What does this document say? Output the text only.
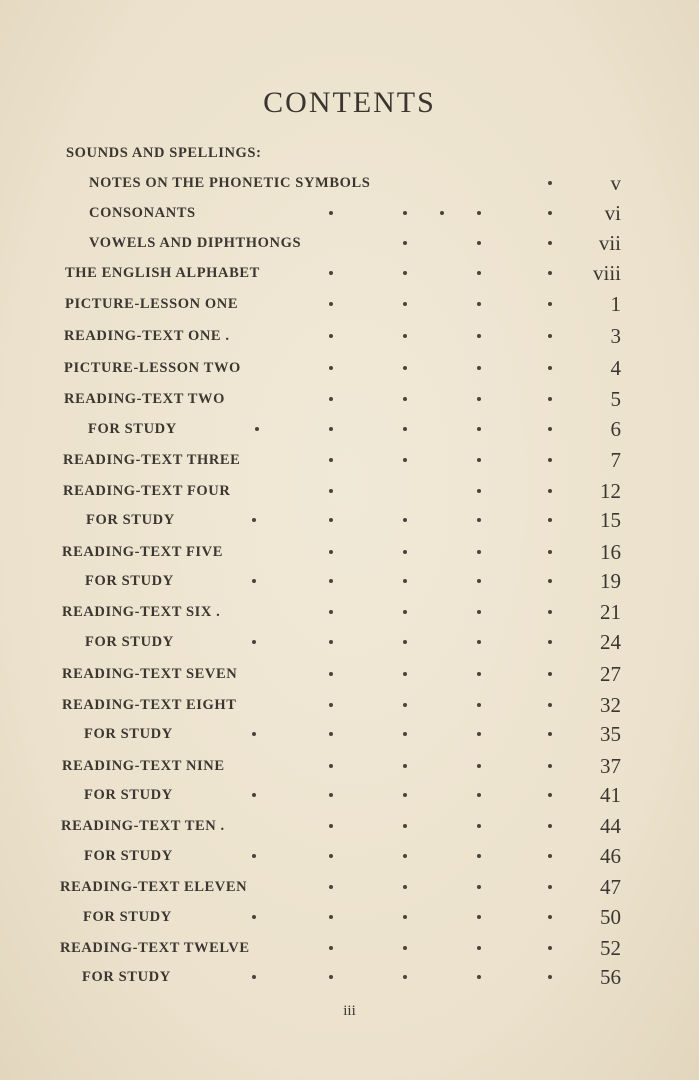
CONTENTS
SOUNDS AND SPELLINGS:
NOTES ON THE PHONETIC SYMBOLS	v
CONSONANTS	vi
VOWELS AND DIPHTHONGS	vii
THE ENGLISH ALPHABET	viii
PICTURE-LESSON ONE	1
READING-TEXT ONE .	3
PICTURE-LESSON TWO	4
READING-TEXT TWO	5
FOR STUDY	6
READING-TEXT THREE	7
READING-TEXT FOUR	12
FOR STUDY	15
READING-TEXT FIVE	16
FOR STUDY	19
READING-TEXT SIX .	21
FOR STUDY	24
READING-TEXT SEVEN	27
READING-TEXT EIGHT	32
FOR STUDY	35
READING-TEXT NINE	37
FOR STUDY	41
READING-TEXT TEN .	44
FOR STUDY	46
READING-TEXT ELEVEN	47
FOR STUDY	50
READING-TEXT TWELVE	52
FOR STUDY	56
iii
